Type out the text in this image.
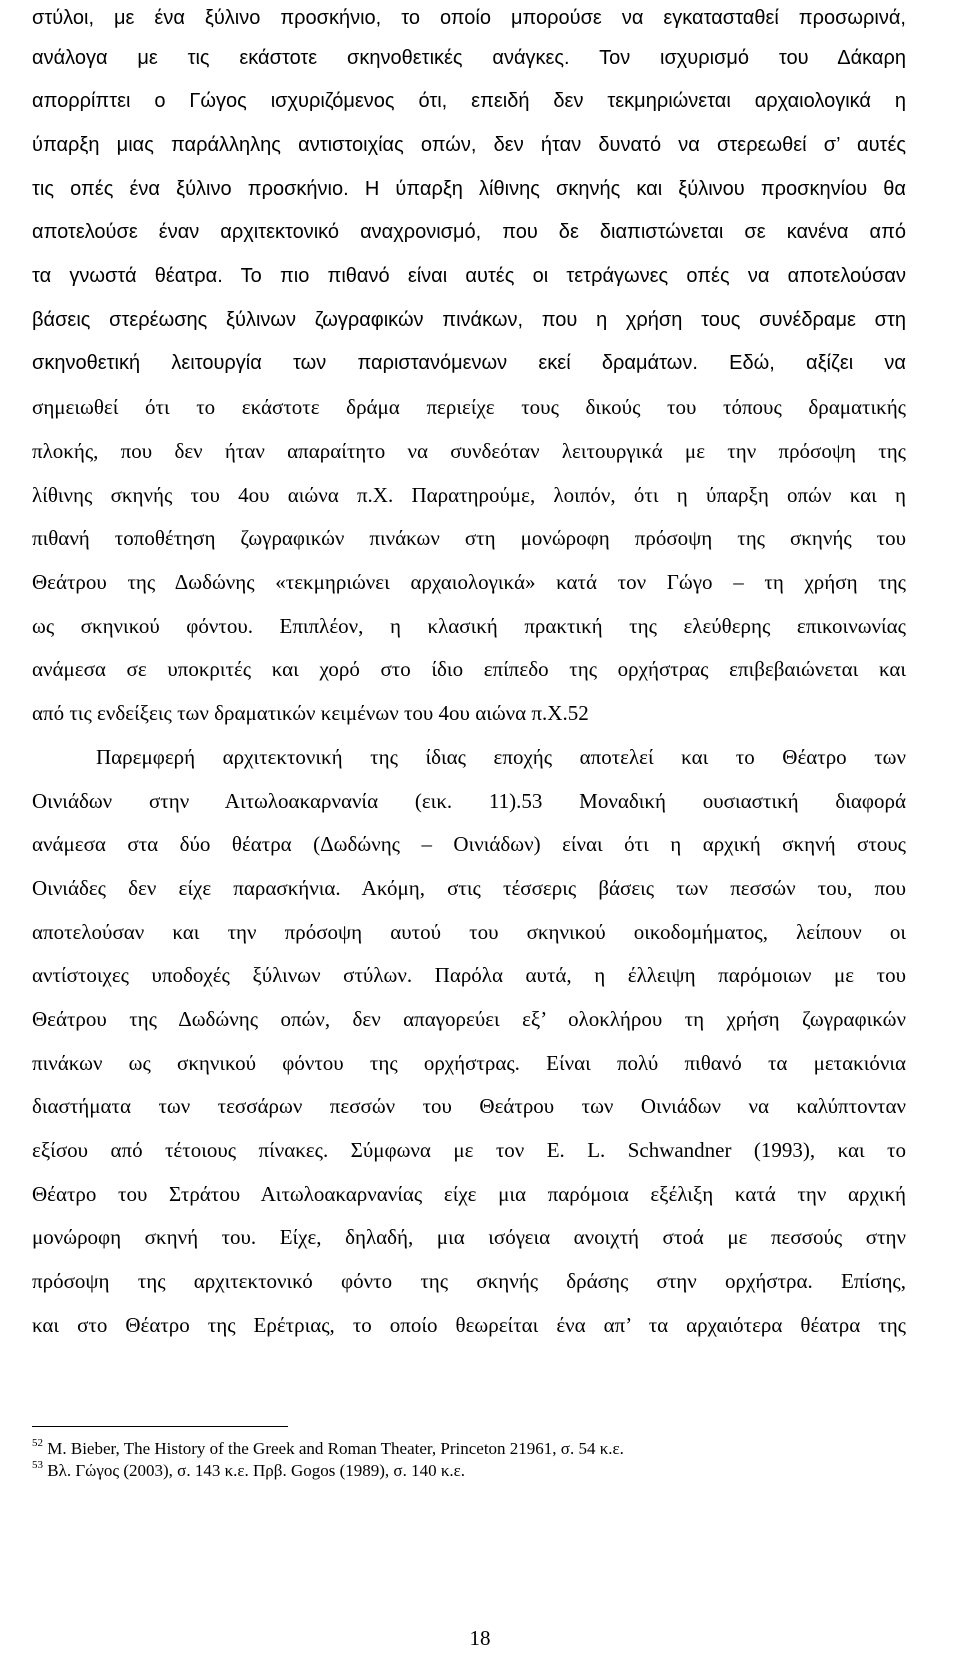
στύλοι, με ένα ξύλινο προσκήνιο, το οποίο μπορούσε να εγκατασταθεί προσωρινά,
ανάλογα με τις εκάστοτε σκηνοθετικές ανάγκες. Τον ισχυρισμό του Δάκαρη
απορρίπτει ο Γώγος ισχυριζόμενος ότι, επειδή δεν τεκμηριώνεται αρχαιολογικά η
ύπαρξη μιας παράλληλης αντιστοιχίας οπών, δεν ήταν δυνατό να στερεωθεί σ’ αυτές
τις οπές ένα ξύλινο προσκήνιο. Η ύπαρξη λίθινης σκηνής και ξύλινου προσκηνίου θα
αποτελούσε έναν αρχιτεκτονικό αναχρονισμό, που δε διαπιστώνεται σε κανένα από
τα γνωστά θέατρα. Το πιο πιθανό είναι αυτές οι τετράγωνες οπές να αποτελούσαν
βάσεις στερέωσης ξύλινων ζωγραφικών πινάκων, που η χρήση τους συνέδραμε στη
σκηνοθετική λειτουργία των παριστανόμενων εκεί δραμάτων. Εδώ, αξίζει να
σημειωθεί ότι το εκάστοτε δράμα περιείχε τους δικούς του τόπους δραματικής
πλοκής, που δεν ήταν απαραίτητο να συνδεόταν λειτουργικά με την πρόσοψη της
λίθινης σκηνής του 4ου αιώνα π.Χ. Παρατηρούμε, λοιπόν, ότι η ύπαρξη οπών και η
πιθανή τοποθέτηση ζωγραφικών πινάκων στη μονώροφη πρόσοψη της σκηνής του
Θεάτρου της Δωδώνης «τεκμηριώνει αρχαιολογικά» κατά τον Γώγο – τη χρήση της
ως σκηνικού φόντου. Επιπλέον, η κλασική πρακτική της ελεύθερης επικοινωνίας
ανάμεσα σε υποκριτές και χορό στο ίδιο επίπεδο της ορχήστρας επιβεβαιώνεται και
από τις ενδείξεις των δραματικών κειμένων του 4ου αιώνα π.Χ.52
Παρεμφερή αρχιτεκτονική της ίδιας εποχής αποτελεί και το Θέατρο των
Οινιάδων στην Αιτωλοακαρνανία (εικ. 11).53 Μοναδική ουσιαστική διαφορά
ανάμεσα στα δύο θέατρα (Δωδώνης – Οινιάδων) είναι ότι η αρχική σκηνή στους
Οινιάδες δεν είχε παρασκήνια. Ακόμη, στις τέσσερις βάσεις των πεσσών του, που
αποτελούσαν και την πρόσοψη αυτού του σκηνικού οικοδομήματος, λείπουν οι
αντίστοιχες υποδοχές ξύλινων στύλων. Παρόλα αυτά, η έλλειψη παρόμοιων με του
Θεάτρου της Δωδώνης οπών, δεν απαγορεύει εξ’ ολοκλήρου τη χρήση ζωγραφικών
πινάκων ως σκηνικού φόντου της ορχήστρας. Είναι πολύ πιθανό τα μετακιόνια
διαστήματα των τεσσάρων πεσσών του Θεάτρου των Οινιάδων να καλύπτονταν
εξίσου από τέτοιους πίνακες. Σύμφωνα με τον E. L. Schwandner (1993), και το
Θέατρο του Στράτου Αιτωλοακαρνανίας είχε μια παρόμοια εξέλιξη κατά την αρχική
μονώροφη σκηνή του. Είχε, δηλαδή, μια ισόγεια ανοιχτή στοά με πεσσούς στην
πρόσοψη της αρχιτεκτονικό φόντο της σκηνής δράσης στην ορχήστρα. Επίσης,
και στο Θέατρο της Ερέτριας, το οποίο θεωρείται ένα απ’ τα αρχαιότερα θέατρα της
$^{52}$ M. Bieber, The History of the Greek and Roman Theater, Princeton 21961, σ. 54 κ.ε.
$^{53}$ Βλ. Γώγος (2003), σ. 143 κ.ε. Πρβ. Gogos (1989), σ. 140 κ.ε.
18
